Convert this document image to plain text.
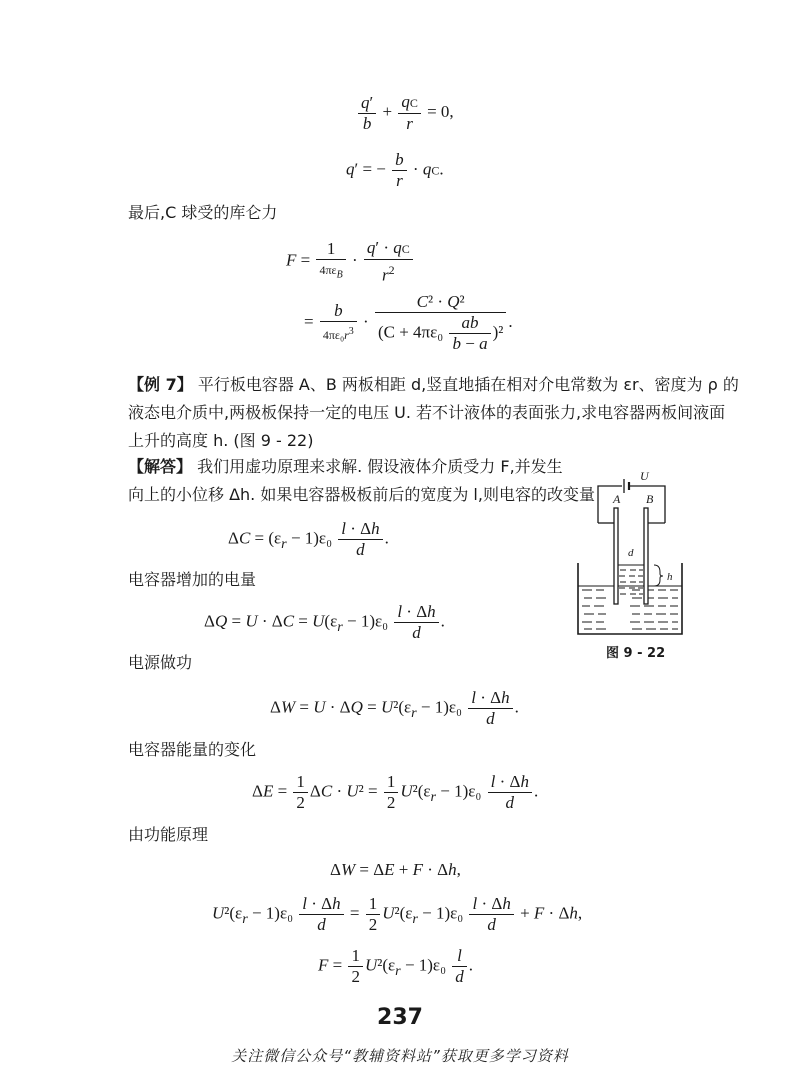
$\frac{q'}{b} + \frac{qC}{r} = 0$,
q′ = − $\frac{b}{r}$ · qC.
最后,C 球受的库仑力
$F = \frac{1}{4\pi\varepsilon_B} \cdot \frac{q' \cdot qC}{r^2}$
= $\frac{b}{4\pi\varepsilon_0r^3} \cdot \frac{\text{C² · Q²}}{(C + 4\pi\varepsilon_0 \frac{ab}{b - a} )^2}$ .
【例 7】 平行板电容器 A、B 两板相距 d,竖直地插在相对介电常数为 εr、密度为 ρ 的
液态电介质中,两极板保持一定的电压 U. 若不计液体的表面张力,求电容器两板间液面
上升的高度 h. (图 9 - 22)
【解答】 我们用虚功原理来求解. 假设液体介质受力 F,并发生
向上的小位移 Δh. 如果电容器极板前后的宽度为 l,则电容的改变量
$\Delta C = (\varepsilon_r - 1)\varepsilon_0 \frac{l \cdot \Delta h}{d}$ .
电容器增加的电量
$\Delta Q = U \cdot \Delta C = U(\varepsilon_r - 1)\varepsilon_0 \frac{l \cdot \Delta h}{d}$ .
电源做功
$\Delta W = U \cdot \Delta Q = U^2(\varepsilon_r - 1)\varepsilon_0 \frac{l \cdot \Delta h}{d}$ .
电容器能量的变化
$\Delta E = \frac{1}{2}$ $\Delta C \cdot U^2 = \frac{1}{2} U^2(\varepsilon_r - 1)\varepsilon_0 \frac{l \cdot \Delta h}{d}$ .
由功能原理
ΔW = ΔE + F · Δh,
$U^2(\varepsilon_r - 1)\varepsilon_0 \frac{l \cdot \Delta h}{d} = \frac{1}{2} U^2(\varepsilon_r - 1)\varepsilon_0 \frac{l \cdot \Delta h}{d} + F \cdot \Delta h$,
$F = \frac{1}{2} U^2(\varepsilon_r - 1)\varepsilon_0 \frac{l}{d}$ .
U
A B
d
h
图 9 - 22
237
关注微信公众号“教辅资料站”获取更多学习资料
